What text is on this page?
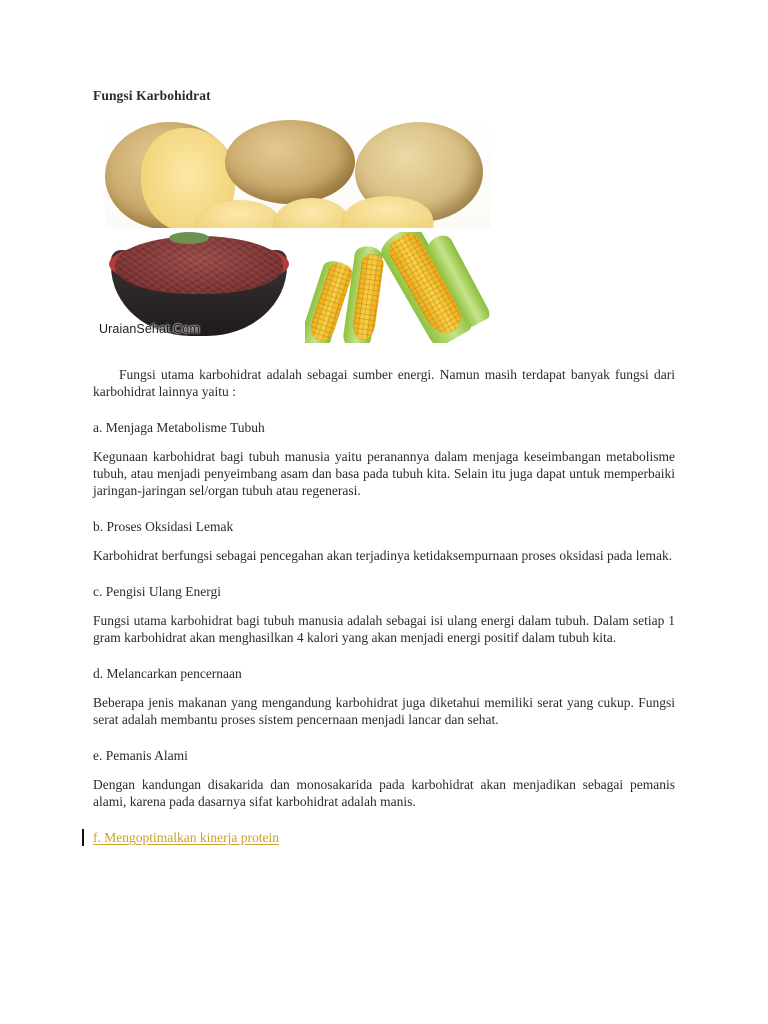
Fungsi Karbohidrat
UraianSehat.Com

Fungsi utama karbohidrat adalah sebagai sumber energi. Namun masih terdapat banyak fungsi dari karbohidrat lainnya yaitu :

a. Menjaga Metabolisme Tubuh

Kegunaan karbohidrat bagi tubuh manusia yaitu peranannya dalam menjaga keseimbangan metabolisme tubuh, atau menjadi penyeimbang asam dan basa pada tubuh kita. Selain itu juga dapat untuk memperbaiki jaringan-jaringan sel/organ tubuh atau regenerasi.

b. Proses Oksidasi Lemak

Karbohidrat berfungsi sebagai pencegahan akan terjadinya ketidaksempurnaan proses oksidasi pada lemak.

c. Pengisi Ulang Energi

Fungsi utama karbohidrat bagi tubuh manusia adalah sebagai isi ulang energi dalam tubuh. Dalam setiap 1 gram karbohidrat akan menghasilkan 4 kalori yang akan menjadi energi positif dalam tubuh kita.

d. Melancarkan pencernaan

Beberapa jenis makanan yang mengandung karbohidrat juga diketahui memiliki serat yang cukup. Fungsi serat adalah membantu proses sistem pencernaan menjadi lancar dan sehat.

e. Pemanis Alami

Dengan kandungan disakarida dan monosakarida pada karbohidrat akan menjadikan sebagai pemanis alami, karena pada dasarnya sifat karbohidrat adalah manis.

f. Mengoptimalkan kinerja protein
